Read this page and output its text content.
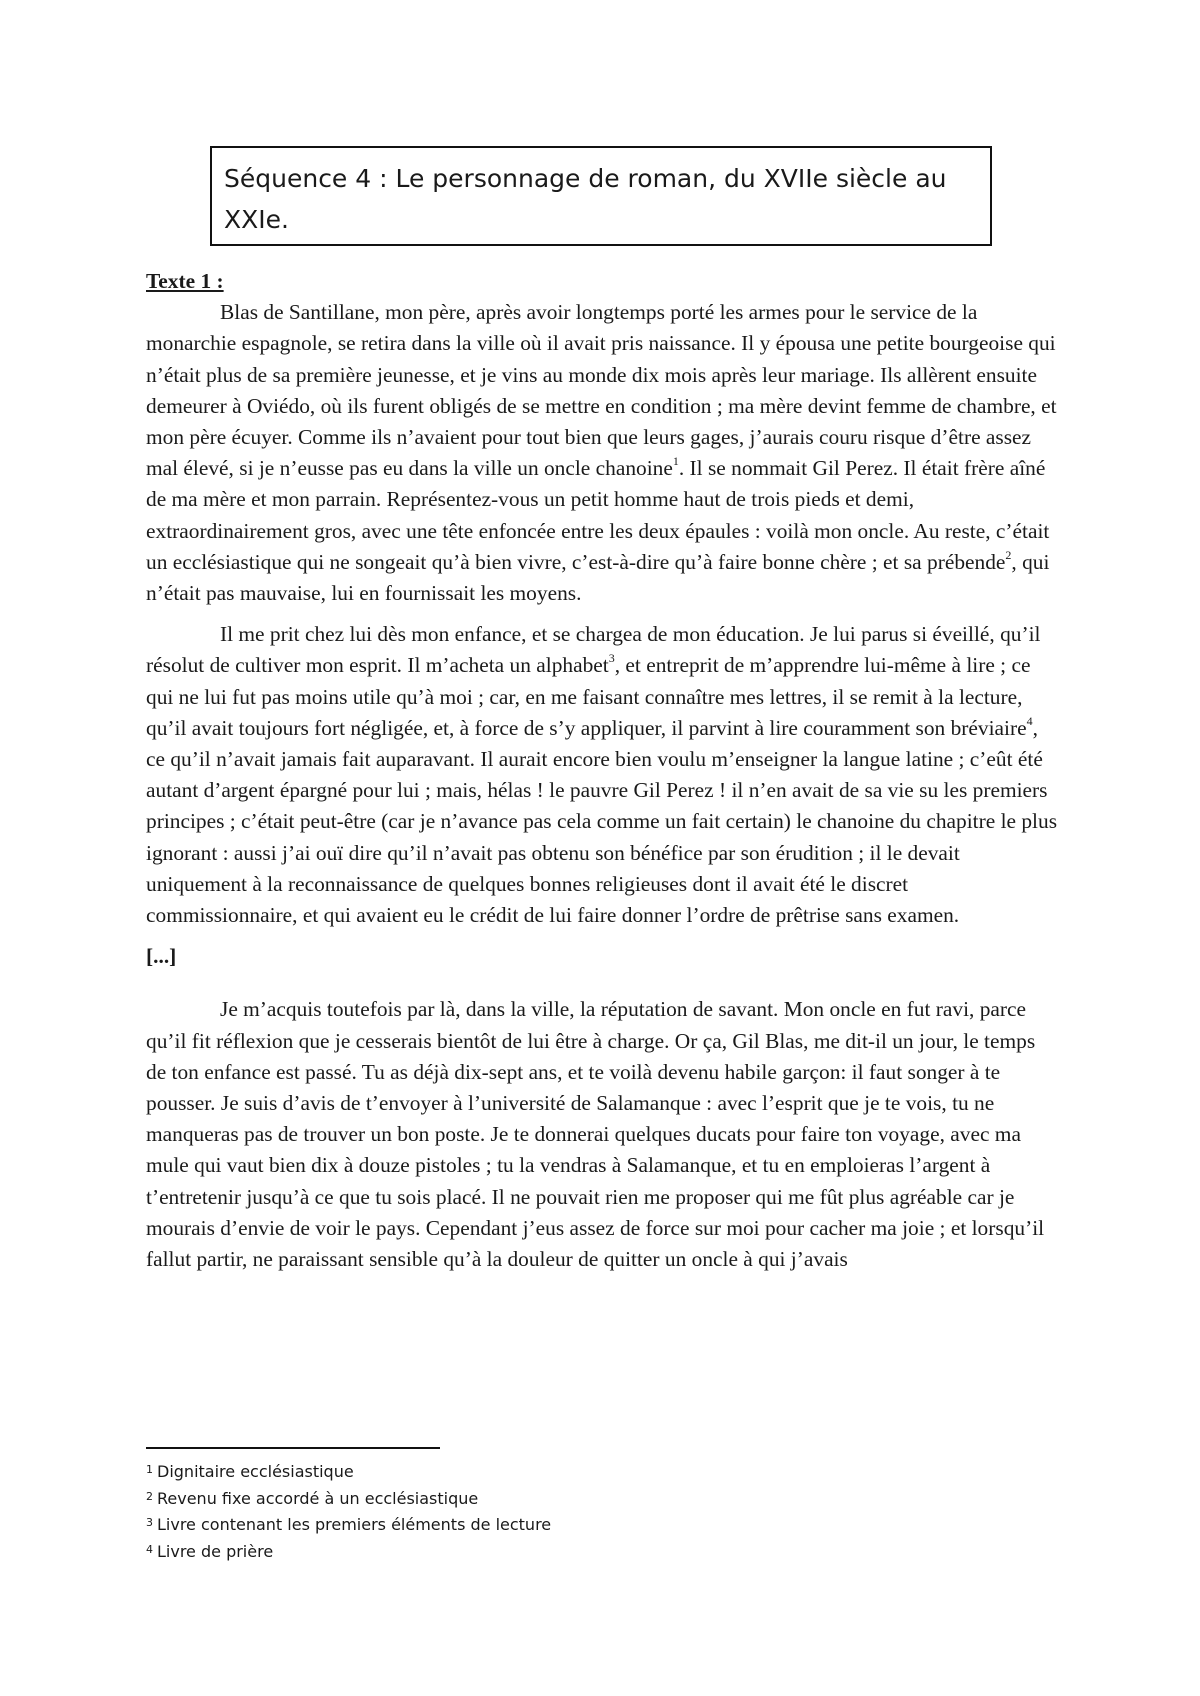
Séquence 4 : Le personnage de roman, du XVIIe siècle au XXIe.
Texte 1 :

Blas de Santillane, mon père, après avoir longtemps porté les armes pour le service de la monarchie espagnole, se retira dans la ville où il avait pris naissance. Il y épousa une petite bourgeoise qui n’était plus de sa première jeunesse, et je vins au monde dix mois après leur mariage. Ils allèrent ensuite demeurer à Oviédo, où ils furent obligés de se mettre en condition ; ma mère devint femme de chambre, et mon père écuyer. Comme ils n’avaient pour tout bien que leurs gages, j’aurais couru risque d’être assez mal élevé, si je n’eusse pas eu dans la ville un oncle chanoine$^1$. Il se nommait Gil Perez. Il était frère aîné de ma mère et mon parrain. Représentez-vous un petit homme haut de trois pieds et demi, extraordinairement gros, avec une tête enfoncée entre les deux épaules : voilà mon oncle. Au reste, c’était un ecclésiastique qui ne songeait qu’à bien vivre, c’est-à-dire qu’à faire bonne chère ; et sa prébende$^2$, qui n’était pas mauvaise, lui en fournissait les moyens.

Il me prit chez lui dès mon enfance, et se chargea de mon éducation. Je lui parus si éveillé, qu’il résolut de cultiver mon esprit. Il m’acheta un alphabet$^3$, et entreprit de m’apprendre lui-même à lire ; ce qui ne lui fut pas moins utile qu’à moi ; car, en me faisant connaître mes lettres, il se remit à la lecture, qu’il avait toujours fort négligée, et, à force de s’y appliquer, il parvint à lire couramment son bréviaire$^4$, ce qu’il n’avait jamais fait auparavant. Il aurait encore bien voulu m’enseigner la langue latine ; c’eût été autant d’argent épargné pour lui ; mais, hélas ! le pauvre Gil Perez ! il n’en avait de sa vie su les premiers principes ; c’était peut-être (car je n’avance pas cela comme un fait certain) le chanoine du chapitre le plus ignorant : aussi j’ai ouï dire qu’il n’avait pas obtenu son bénéfice par son érudition ; il le devait uniquement à la reconnaissance de quelques bonnes religieuses dont il avait été le discret commissionnaire, et qui avaient eu le crédit de lui faire donner l’ordre de prêtrise sans examen.

[...]

Je m’acquis toutefois par là, dans la ville, la réputation de savant. Mon oncle en fut ravi, parce qu’il fit réflexion que je cesserais bientôt de lui être à charge. Or ça, Gil Blas, me dit-il un jour, le temps de ton enfance est passé. Tu as déjà dix-sept ans, et te voilà devenu habile garçon: il faut songer à te pousser. Je suis d’avis de t’envoyer à l’université de Salamanque : avec l’esprit que je te vois, tu ne manqueras pas de trouver un bon poste. Je te donnerai quelques ducats pour faire ton voyage, avec ma mule qui vaut bien dix à douze pistoles ; tu la vendras à Salamanque, et tu en emploieras l’argent à t’entretenir jusqu’à ce que tu sois placé. Il ne pouvait rien me proposer qui me fût plus agréable car je mourais d’envie de voir le pays. Cependant j’eus assez de force sur moi pour cacher ma joie ; et lorsqu’il fallut partir, ne paraissant sensible qu’à la douleur de quitter un oncle à qui j’avais

$^1$ Dignitaire ecclésiastique
$^2$ Revenu fixe accordé à un ecclésiastique
$^3$ Livre contenant les premiers éléments de lecture
$^4$ Livre de prière
